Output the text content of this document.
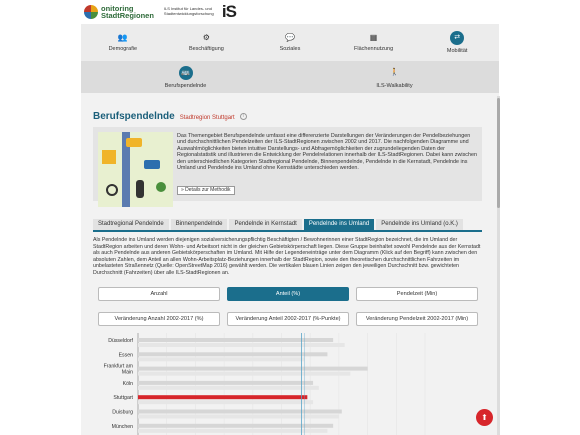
onitoring
StadtRegionen
ILS Institut für Landes- und Stadtentwicklungsforschung iS
👥
Demografie
⚙
Beschäftigung
💬
Soziales
▦
Flächennutzung
⇄
Mobilität
🚌
Berufspendelnde
🚶
ILS-Walkability
Berufspendelnde Stadtregion Stuttgart	i
Das Themengebiet Berufspendelnde umfasst eine differenzierte Darstellungen der Veränderungen der Pendelbeziehungen und durchschnittlichen Pendelzeiten der ILS-StadtRegionen zwischen 2002 und 2017. Die nachfolgenden Diagramme und Auswahlmöglichkeiten bieten intuitive Darstellungs- und Abfragemöglichkeiten der zugrundeliegenden Daten der Regionalstatistik und illustrieren die Entwicklung der Pendelrelationen innerhalb der ILS-StadtRegionen. Dabei kann zwischen den unterschiedlichen Kategorien Stadtregional Pendelnde, Binnenpendelnde, Pendelnde in die Kernstadt, Pendelnde ins Umland und Pendelnde ins Umland ohne Kernstädte unterschieden werden.
» Details zur Methodik
Stadtregional Pendelnde	Binnenpendelnde	Pendelnde in Kernstadt	Pendelnde ins Umland	Pendelnde ins Umland (o.K.)
Als Pendelnde ins Umland werden diejenigen sozialversicherungspflichtig Beschäftigten / Bewohnerinnen einer StadtRegion bezeichnet, die im Umland der StadtRegion arbeiten und deren Wohn- und Arbeitsort nicht in der gleichen Gebietskörperschaft liegen. Diese Gruppe beinhaltet sowohl Pendelnde aus der Kernstadt als auch Pendelnde aus anderen Gebietskörperschaften im Umland. Mit Hilfe der Legendeneinträge unter dem Diagramm (Klick auf den Begriff) kann zwischen den absoluten Zahlen, dem Anteil an allen Wohn-Arbeitsplatz-Beziehungen innerhalb der StadtRegion, sowie den theoretischen durchschnittlichen Fahrzeiten im unbelasteten Straßennetz (Quelle: OpenStreetMap 2016) gewählt werden. Die vertikalen blauen Linien zeigen den jeweiligen Durchschnitt bzw. gewichteten Durchschnitt (Fahrzeiten) über alle ILS-StadtRegionen an.
Anzahl	Anteil (%)	Pendelzeit (Min)
Veränderung Anzahl 2002-2017 (%)	Veränderung Anteil 2002-2017 (%-Punkte)	Veränderung Pendelzeit 2002-2017 (Min)
Düsseldorf
Essen
Frankfurt am
Main
Köln
Stuttgart
Duisburg
München
⬆
